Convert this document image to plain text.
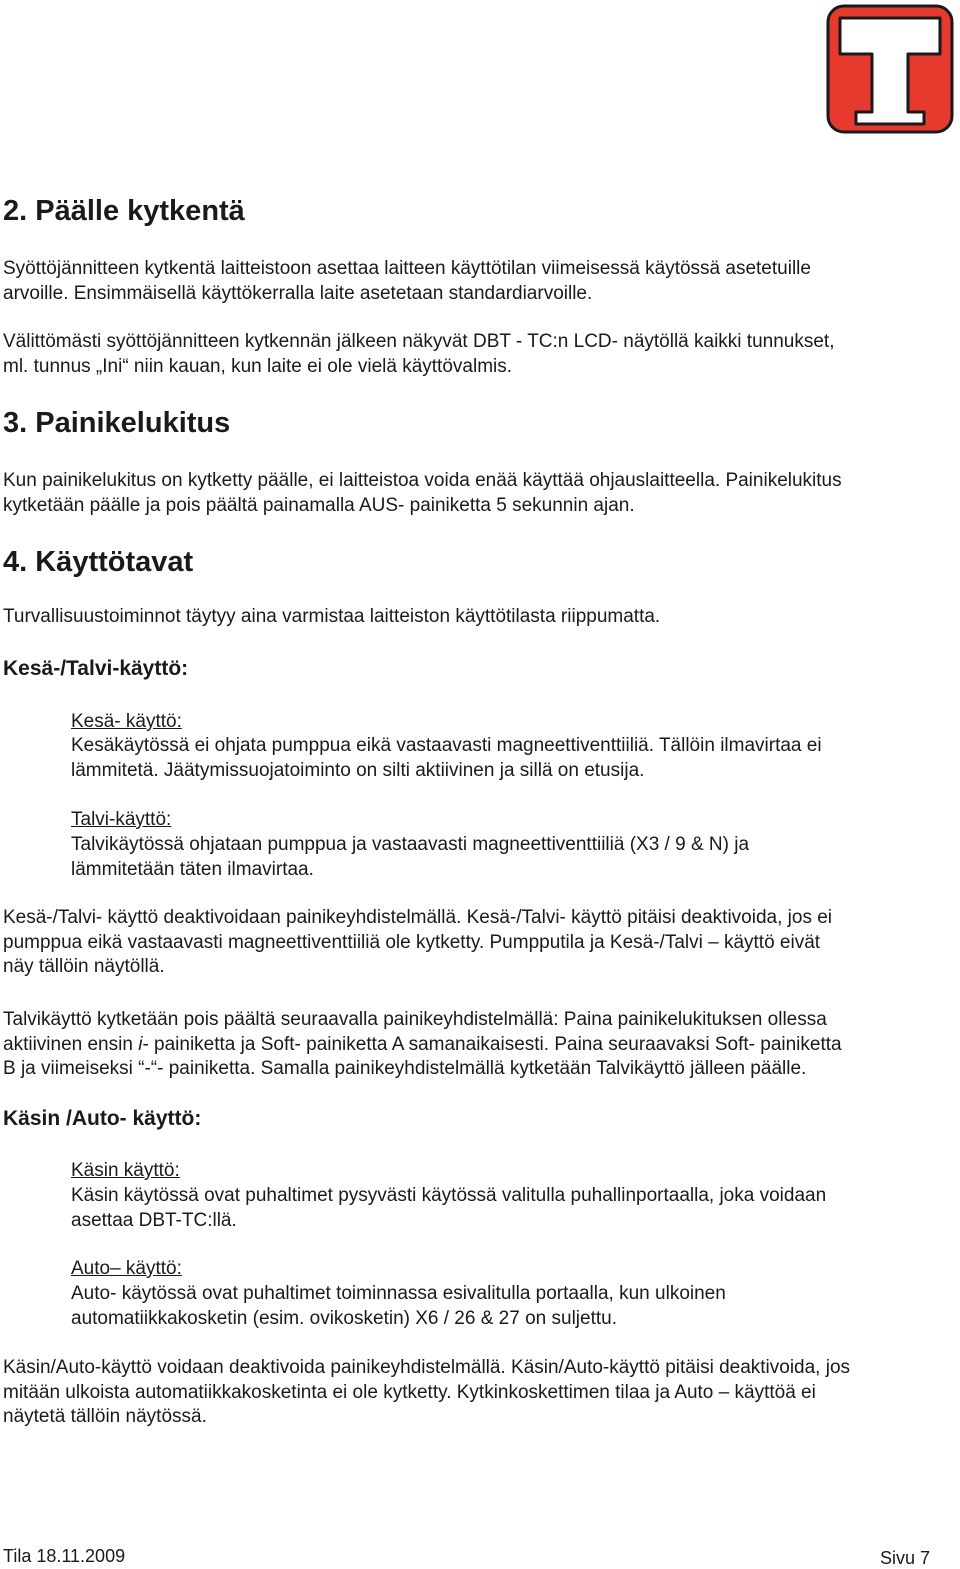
2. Päälle kytkentä

Syöttöjännitteen kytkentä laitteistoon asettaa laitteen käyttötilan viimeisessä käytössä asetetuille
arvoille. Ensimmäisellä käyttökerralla laite asetetaan standardiarvoille.

Välittömästi syöttöjännitteen kytkennän jälkeen näkyvät DBT - TC:n LCD- näytöllä kaikki tunnukset,
ml. tunnus „Ini“ niin kauan, kun laite ei ole vielä käyttövalmis.

3. Painikelukitus

Kun painikelukitus on kytketty päälle, ei laitteistoa voida enää käyttää ohjauslaitteella. Painikelukitus
kytketään päälle ja pois päältä painamalla AUS- painiketta 5 sekunnin ajan.

4. Käyttötavat

Turvallisuustoiminnot täytyy aina varmistaa laitteiston käyttötilasta riippumatta.

Kesä-/Talvi-käyttö:
Kesä- käyttö:

Kesäkäytössä ei ohjata pumppua eikä vastaavasti magneettiventtiiliä. Tällöin ilmavirtaa ei
lämmitetä. Jäätymissuojatoiminto on silti aktiivinen ja sillä on etusija.

Talvi-käyttö:

Talvikäytössä ohjataan pumppua ja vastaavasti magneettiventtiiliä (X3 / 9 & N) ja
lämmitetään täten ilmavirtaa.

Kesä-/Talvi- käyttö deaktivoidaan painikeyhdistelmällä. Kesä-/Talvi- käyttö pitäisi deaktivoida, jos ei
pumppua eikä vastaavasti magneettiventtiiliä ole kytketty. Pumpputila ja Kesä-/Talvi – käyttö eivät
näy tällöin näytöllä.

Talvikäyttö kytketään pois päältä seuraavalla painikeyhdistelmällä: Paina painikelukituksen ollessa
aktiivinen ensin i- painiketta ja Soft- painiketta A samanaikaisesti. Paina seuraavaksi Soft- painiketta
B ja viimeiseksi “-“- painiketta. Samalla painikeyhdistelmällä kytketään Talvikäyttö jälleen päälle.

Käsin /Auto- käyttö:
Käsin käyttö:

Käsin käytössä ovat puhaltimet pysyvästi käytössä valitulla puhallinportaalla, joka voidaan
asettaa DBT-TC:llä.

Auto– käyttö:

Auto- käytössä ovat puhaltimet toiminnassa esivalitulla portaalla, kun ulkoinen
automatiikkakosketin (esim. ovikosketin) X6 / 26 & 27 on suljettu.

Käsin/Auto-käyttö voidaan deaktivoida painikeyhdistelmällä. Käsin/Auto-käyttö pitäisi deaktivoida, jos
mitään ulkoista automatiikkakosketinta ei ole kytketty. Kytkinkoskettimen tilaa ja Auto – käyttöä ei
näytetä tällöin näytössä.

Tila 18.11.2009	Sivu 7
